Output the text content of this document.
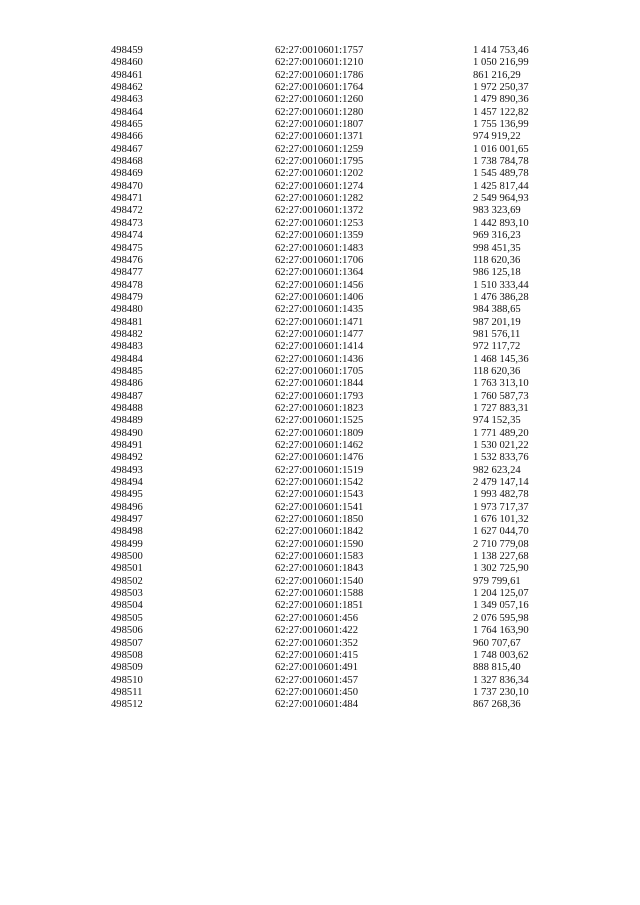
498459	62:27:0010601:1757	1 414 753,46
498460	62:27:0010601:1210	1 050 216,99
498461	62:27:0010601:1786	861 216,29
498462	62:27:0010601:1764	1 972 250,37
498463	62:27:0010601:1260	1 479 890,36
498464	62:27:0010601:1280	1 457 122,82
498465	62:27:0010601:1807	1 755 136,99
498466	62:27:0010601:1371	974 919,22
498467	62:27:0010601:1259	1 016 001,65
498468	62:27:0010601:1795	1 738 784,78
498469	62:27:0010601:1202	1 545 489,78
498470	62:27:0010601:1274	1 425 817,44
498471	62:27:0010601:1282	2 549 964,93
498472	62:27:0010601:1372	983 323,69
498473	62:27:0010601:1253	1 442 893,10
498474	62:27:0010601:1359	969 316,23
498475	62:27:0010601:1483	998 451,35
498476	62:27:0010601:1706	118 620,36
498477	62:27:0010601:1364	986 125,18
498478	62:27:0010601:1456	1 510 333,44
498479	62:27:0010601:1406	1 476 386,28
498480	62:27:0010601:1435	984 388,65
498481	62:27:0010601:1471	987 201,19
498482	62:27:0010601:1477	981 576,11
498483	62:27:0010601:1414	972 117,72
498484	62:27:0010601:1436	1 468 145,36
498485	62:27:0010601:1705	118 620,36
498486	62:27:0010601:1844	1 763 313,10
498487	62:27:0010601:1793	1 760 587,73
498488	62:27:0010601:1823	1 727 883,31
498489	62:27:0010601:1525	974 152,35
498490	62:27:0010601:1809	1 771 489,20
498491	62:27:0010601:1462	1 530 021,22
498492	62:27:0010601:1476	1 532 833,76
498493	62:27:0010601:1519	982 623,24
498494	62:27:0010601:1542	2 479 147,14
498495	62:27:0010601:1543	1 993 482,78
498496	62:27:0010601:1541	1 973 717,37
498497	62:27:0010601:1850	1 676 101,32
498498	62:27:0010601:1842	1 627 044,70
498499	62:27:0010601:1590	2 710 779,08
498500	62:27:0010601:1583	1 138 227,68
498501	62:27:0010601:1843	1 302 725,90
498502	62:27:0010601:1540	979 799,61
498503	62:27:0010601:1588	1 204 125,07
498504	62:27:0010601:1851	1 349 057,16
498505	62:27:0010601:456	2 076 595,98
498506	62:27:0010601:422	1 764 163,90
498507	62:27:0010601:352	960 707,67
498508	62:27:0010601:415	1 748 003,62
498509	62:27:0010601:491	888 815,40
498510	62:27:0010601:457	1 327 836,34
498511	62:27:0010601:450	1 737 230,10
498512	62:27:0010601:484	867 268,36
